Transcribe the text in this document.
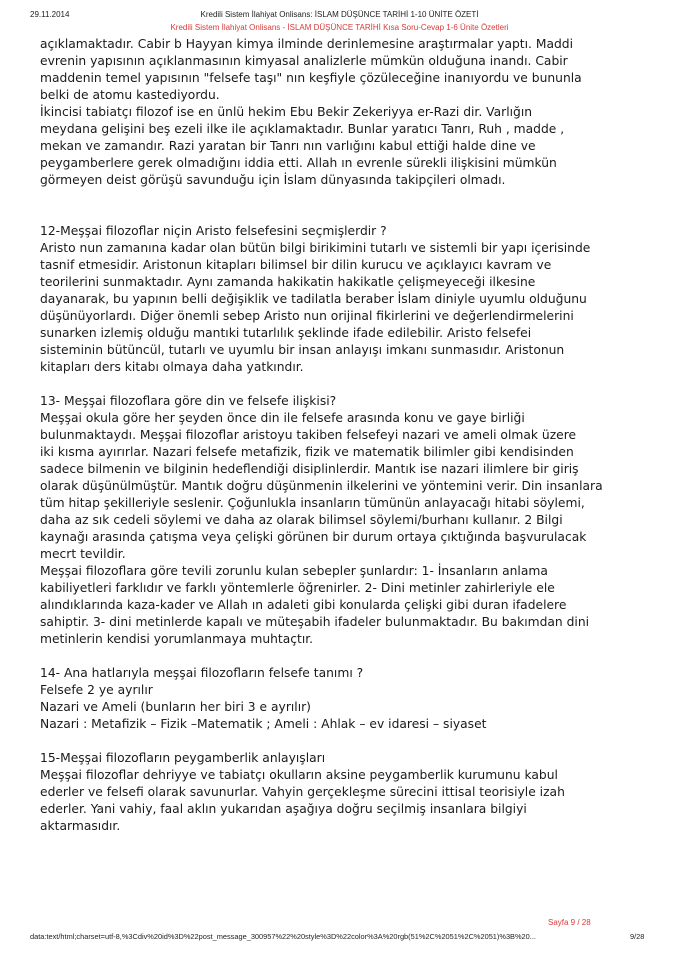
29.11.2014	Kredili Sistem İlahiyat Onlisans: İSLAM DÜŞÜNCE TARİHİ 1-10 ÜNİTE ÖZETİ
Kredili Sistem İlahiyat Onlisans - İSLAM DÜŞÜNCE TARİHİ Kısa Soru-Cevap 1-6 Ünite Özetleri
açıklamaktadır. Cabir b Hayyan kimya ilminde derinlemesine araştırmalar yaptı. Maddi
evrenin yapısının açıklanmasının kimyasal analizlerle mümkün olduğuna inandı. Cabir
maddenin temel yapısının "felsefe taşı" nın keşfiyle çözüleceğine inanıyordu ve bununla
belki de atomu kastediyordu.
İkincisi tabiatçı filozof ise en ünlü hekim Ebu Bekir Zekeriyya er-Razi dir. Varlığın
meydana gelişini beş ezeli ilke ile açıklamaktadır. Bunlar yaratıcı Tanrı, Ruh , madde ,
mekan ve zamandır. Razi yaratan bir Tanrı nın varlığını kabul ettiği halde dine ve
peygamberlere gerek olmadığını iddia etti. Allah ın evrenle sürekli ilişkisini mümkün
görmeyen deist görüşü savunduğu için İslam dünyasında takipçileri olmadı.
12-Meşşai filozoflar niçin Aristo felsefesini seçmişlerdir ?
Aristo nun zamanına kadar olan bütün bilgi birikimini tutarlı ve sistemli bir yapı içerisinde
tasnif etmesidir. Aristonun kitapları bilimsel bir dilin kurucu ve açıklayıcı kavram ve
teorilerini sunmaktadır. Aynı zamanda hakikatin hakikatle çelişmeyeceği ilkesine
dayanarak, bu yapının belli değişiklik ve tadilatla beraber İslam diniyle uyumlu olduğunu
düşünüyorlardı. Diğer önemli sebep Aristo nun orijinal fikirlerini ve değerlendirmelerini
sunarken izlemiş olduğu mantıki tutarlılık şeklinde ifade edilebilir. Aristo felsefei
sisteminin bütüncül, tutarlı ve uyumlu bir insan anlayışı imkanı sunmasıdır. Aristonun
kitapları ders kitabı olmaya daha yatkındır.
13- Meşşai filozoflara göre din ve felsefe ilişkisi?
Meşşai okula göre her şeyden önce din ile felsefe arasında konu ve gaye birliği
bulunmaktaydı. Meşşai filozoflar aristoyu takiben felsefeyi nazari ve ameli olmak üzere
iki kısma ayırırlar. Nazari felsefe metafizik, fizik ve matematik bilimler gibi kendisinden
sadece bilmenin ve bilginin hedeflendiği disiplinlerdir. Mantık ise nazari ilimlere bir giriş
olarak düşünülmüştür. Mantık doğru düşünmenin ilkelerini ve yöntemini verir. Din insanlara
tüm hitap şekilleriyle seslenir. Çoğunlukla insanların tümünün anlayacağı hitabi söylemi,
daha az sık cedeli söylemi ve daha az olarak bilimsel söylemi/burhanı kullanır. 2 Bilgi
kaynağı arasında çatışma veya çelişki görünen bir durum ortaya çıktığında başvurulacak
mecrt tevildir.
Meşşai filozoflara göre tevili zorunlu kulan sebepler şunlardır: 1- İnsanların anlama
kabiliyetleri farklıdır ve farklı yöntemlerle öğrenirler. 2- Dini metinler zahirleriyle ele
alındıklarında kaza-kader ve Allah ın adaleti gibi konularda çelişki gibi duran ifadelere
sahiptir. 3- dini metinlerde kapalı ve müteşabih ifadeler bulunmaktadır. Bu bakımdan dini
metinlerin kendisi yorumlanmaya muhtaçtır.
14- Ana hatlarıyla meşşai filozofların felsefe tanımı ?
Felsefe 2 ye ayrılır
Nazari ve Ameli (bunların her biri 3 e ayrılır)
Nazari : Metafizik – Fizik –Matematik ; Ameli : Ahlak – ev idaresi – siyaset
15-Meşşai filozofların peygamberlik anlayışları
Meşşai filozoflar dehriyye ve tabiatçı okulların aksine peygamberlik kurumunu kabul
ederler ve felsefi olarak savunurlar. Vahyin gerçekleşme sürecini ittisal teorisiyle izah
ederler. Yani vahiy, faal aklın yukarıdan aşağıya doğru seçilmiş insanlara bilgiyi
aktarmasıdır.
Sayfa 9 / 28
data:text/html;charset=utf-8,%3Cdiv%20id%3D%22post_message_300957%22%20style%3D%22color%3A%20rgb(51%2C%2051%2C%2051)%3B%20...	9/28
